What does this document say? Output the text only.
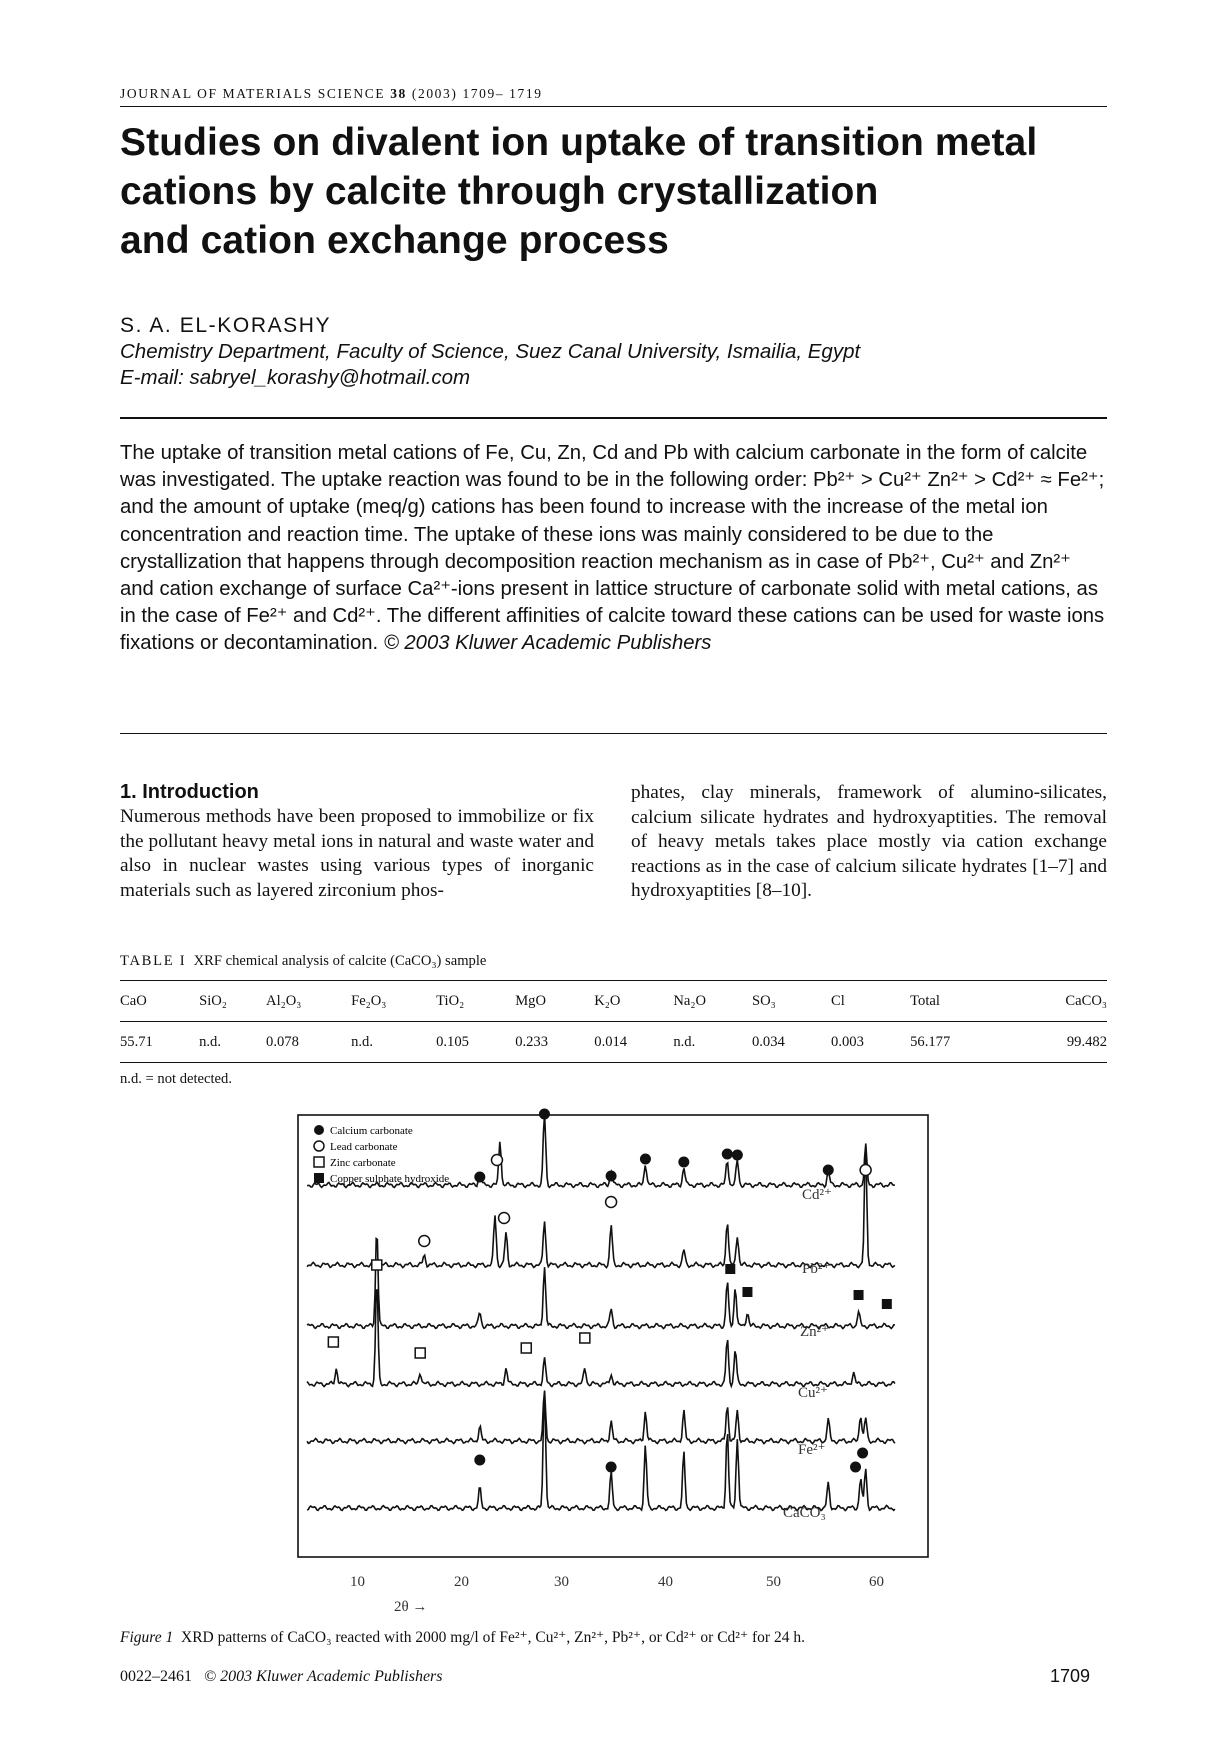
JOURNAL OF MATERIALS SCIENCE 38 (2003) 1709– 1719
Studies on divalent ion uptake of transition metal
cations by calcite through crystallization
and cation exchange process
S. A. EL-KORASHY
Chemistry Department, Faculty of Science, Suez Canal University, Ismailia, Egypt
E-mail: sabryel_korashy@hotmail.com
The uptake of transition metal cations of Fe, Cu, Zn, Cd and Pb with calcium carbonate in the form of calcite was investigated. The uptake reaction was found to be in the following order: Pb²⁺ > Cu²⁺ Zn²⁺ > Cd²⁺ ≈ Fe²⁺; and the amount of uptake (meq/g) cations has been found to increase with the increase of the metal ion concentration and reaction time. The uptake of these ions was mainly considered to be due to the crystallization that happens through decomposition reaction mechanism as in case of Pb²⁺, Cu²⁺ and Zn²⁺ and cation exchange of surface Ca²⁺-ions present in lattice structure of carbonate solid with metal cations, as in the case of Fe²⁺ and Cd²⁺. The different affinities of calcite toward these cations can be used for waste ions fixations or decontamination. © 2003 Kluwer Academic Publishers
1. Introduction
Numerous methods have been proposed to immobilize or fix the pollutant heavy metal ions in natural and waste water and also in nuclear wastes using various types of inorganic materials such as layered zirconium phos-
phates, clay minerals, framework of alumino-silicates, calcium silicate hydrates and hydroxyaptities. The removal of heavy metals takes place mostly via cation exchange reactions as in the case of calcium silicate hydrates [1–7] and hydroxyaptities [8–10].
TABLE I XRF chemical analysis of calcite (CaCO₃) sample
CaO	SiO₂	Al₂O₃	Fe₂O₃	TiO₂	MgO	K₂O	Na₂O	SO₃	Cl	Total	CaCO₃
55.71	n.d.	0.078	n.d.	0.105	0.233	0.014	n.d.	0.034	0.003	56.177	99.482
n.d. = not detected.
Calcium carbonate
Lead carbonate
Zinc carbonate
Copper sulphate hydroxide
Cd²⁺
Pb²⁺
Zn²⁺
Cu²⁺
Fe²⁺
CaCO₃
10	20	30	40	50	60
2θ →
Figure 1 XRD patterns of CaCO₃ reacted with 2000 mg/l of Fe²⁺, Cu²⁺, Zn²⁺, Pb²⁺, or Cd²⁺ or Cd²⁺ for 24 h.
0022–2461 © 2003 Kluwer Academic Publishers	1709
